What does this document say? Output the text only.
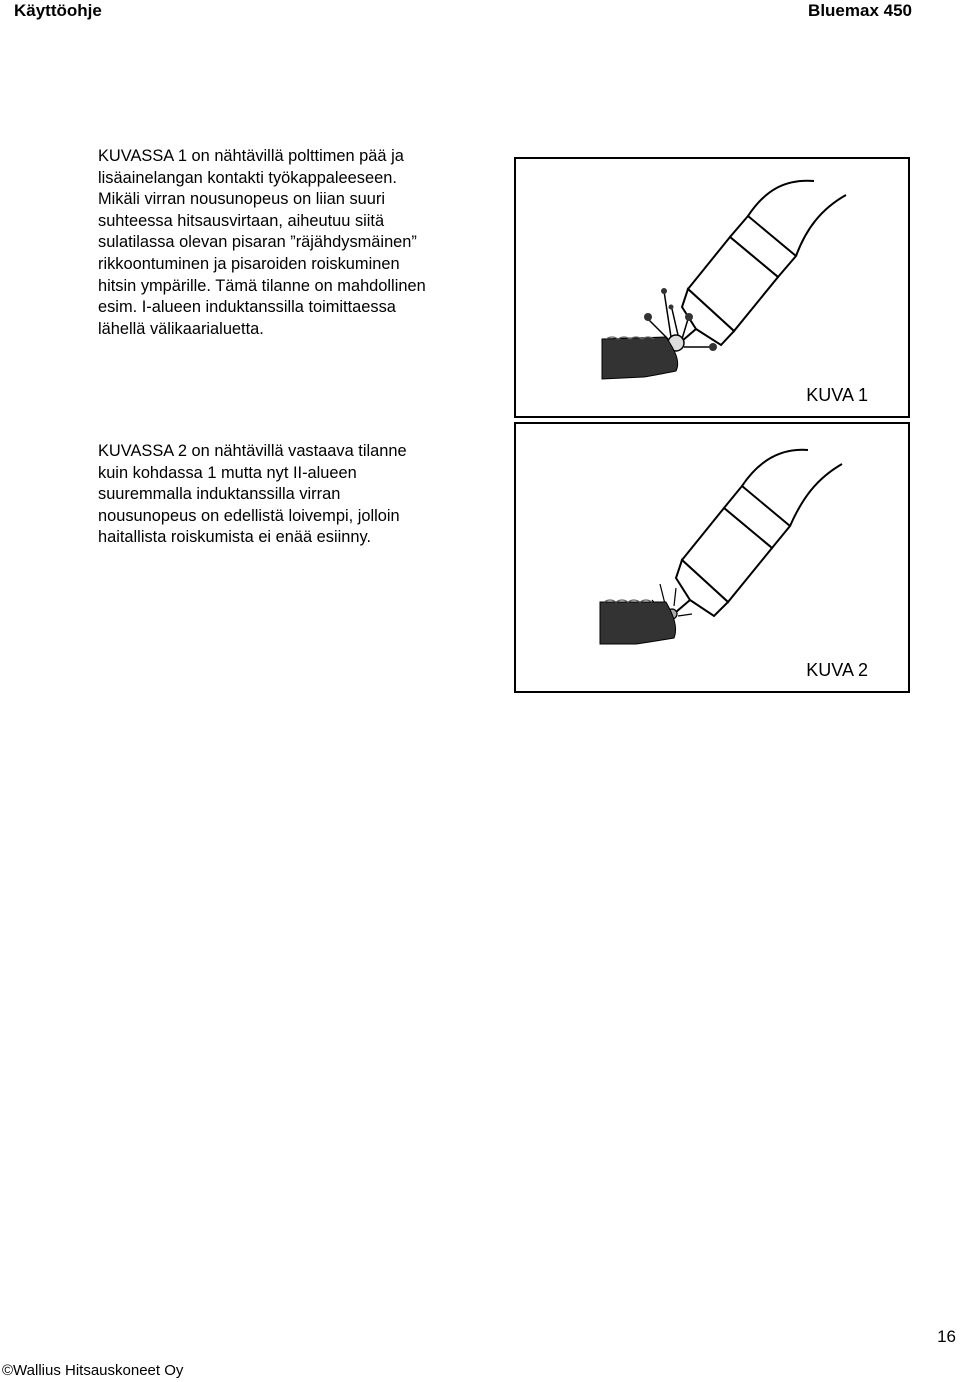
Käyttöohje	Bluemax 450
KUVASSA 1 on nähtävillä polttimen pää ja
lisäainelangan kontakti työkappaleeseen.
Mikäli virran nousunopeus on liian suuri
suhteessa hitsausvirtaan, aiheutuu siitä
sulatilassa olevan pisaran ”räjähdysmäinen”
rikkoontuminen ja pisaroiden roiskuminen
hitsin ympärille. Tämä tilanne on mahdollinen
esim. I-alueen induktanssilla toimittaessa
lähellä välikaarialuetta.
KUVASSA 2 on nähtävillä vastaava tilanne
kuin kohdassa 1 mutta nyt II-alueen
suuremmalla induktanssilla virran
nousunopeus on edellistä loivempi, jolloin
haitallista roiskumista ei enää esiinny.
KUVA 1
KUVA 2
16
©Wallius Hitsauskoneet Oy
